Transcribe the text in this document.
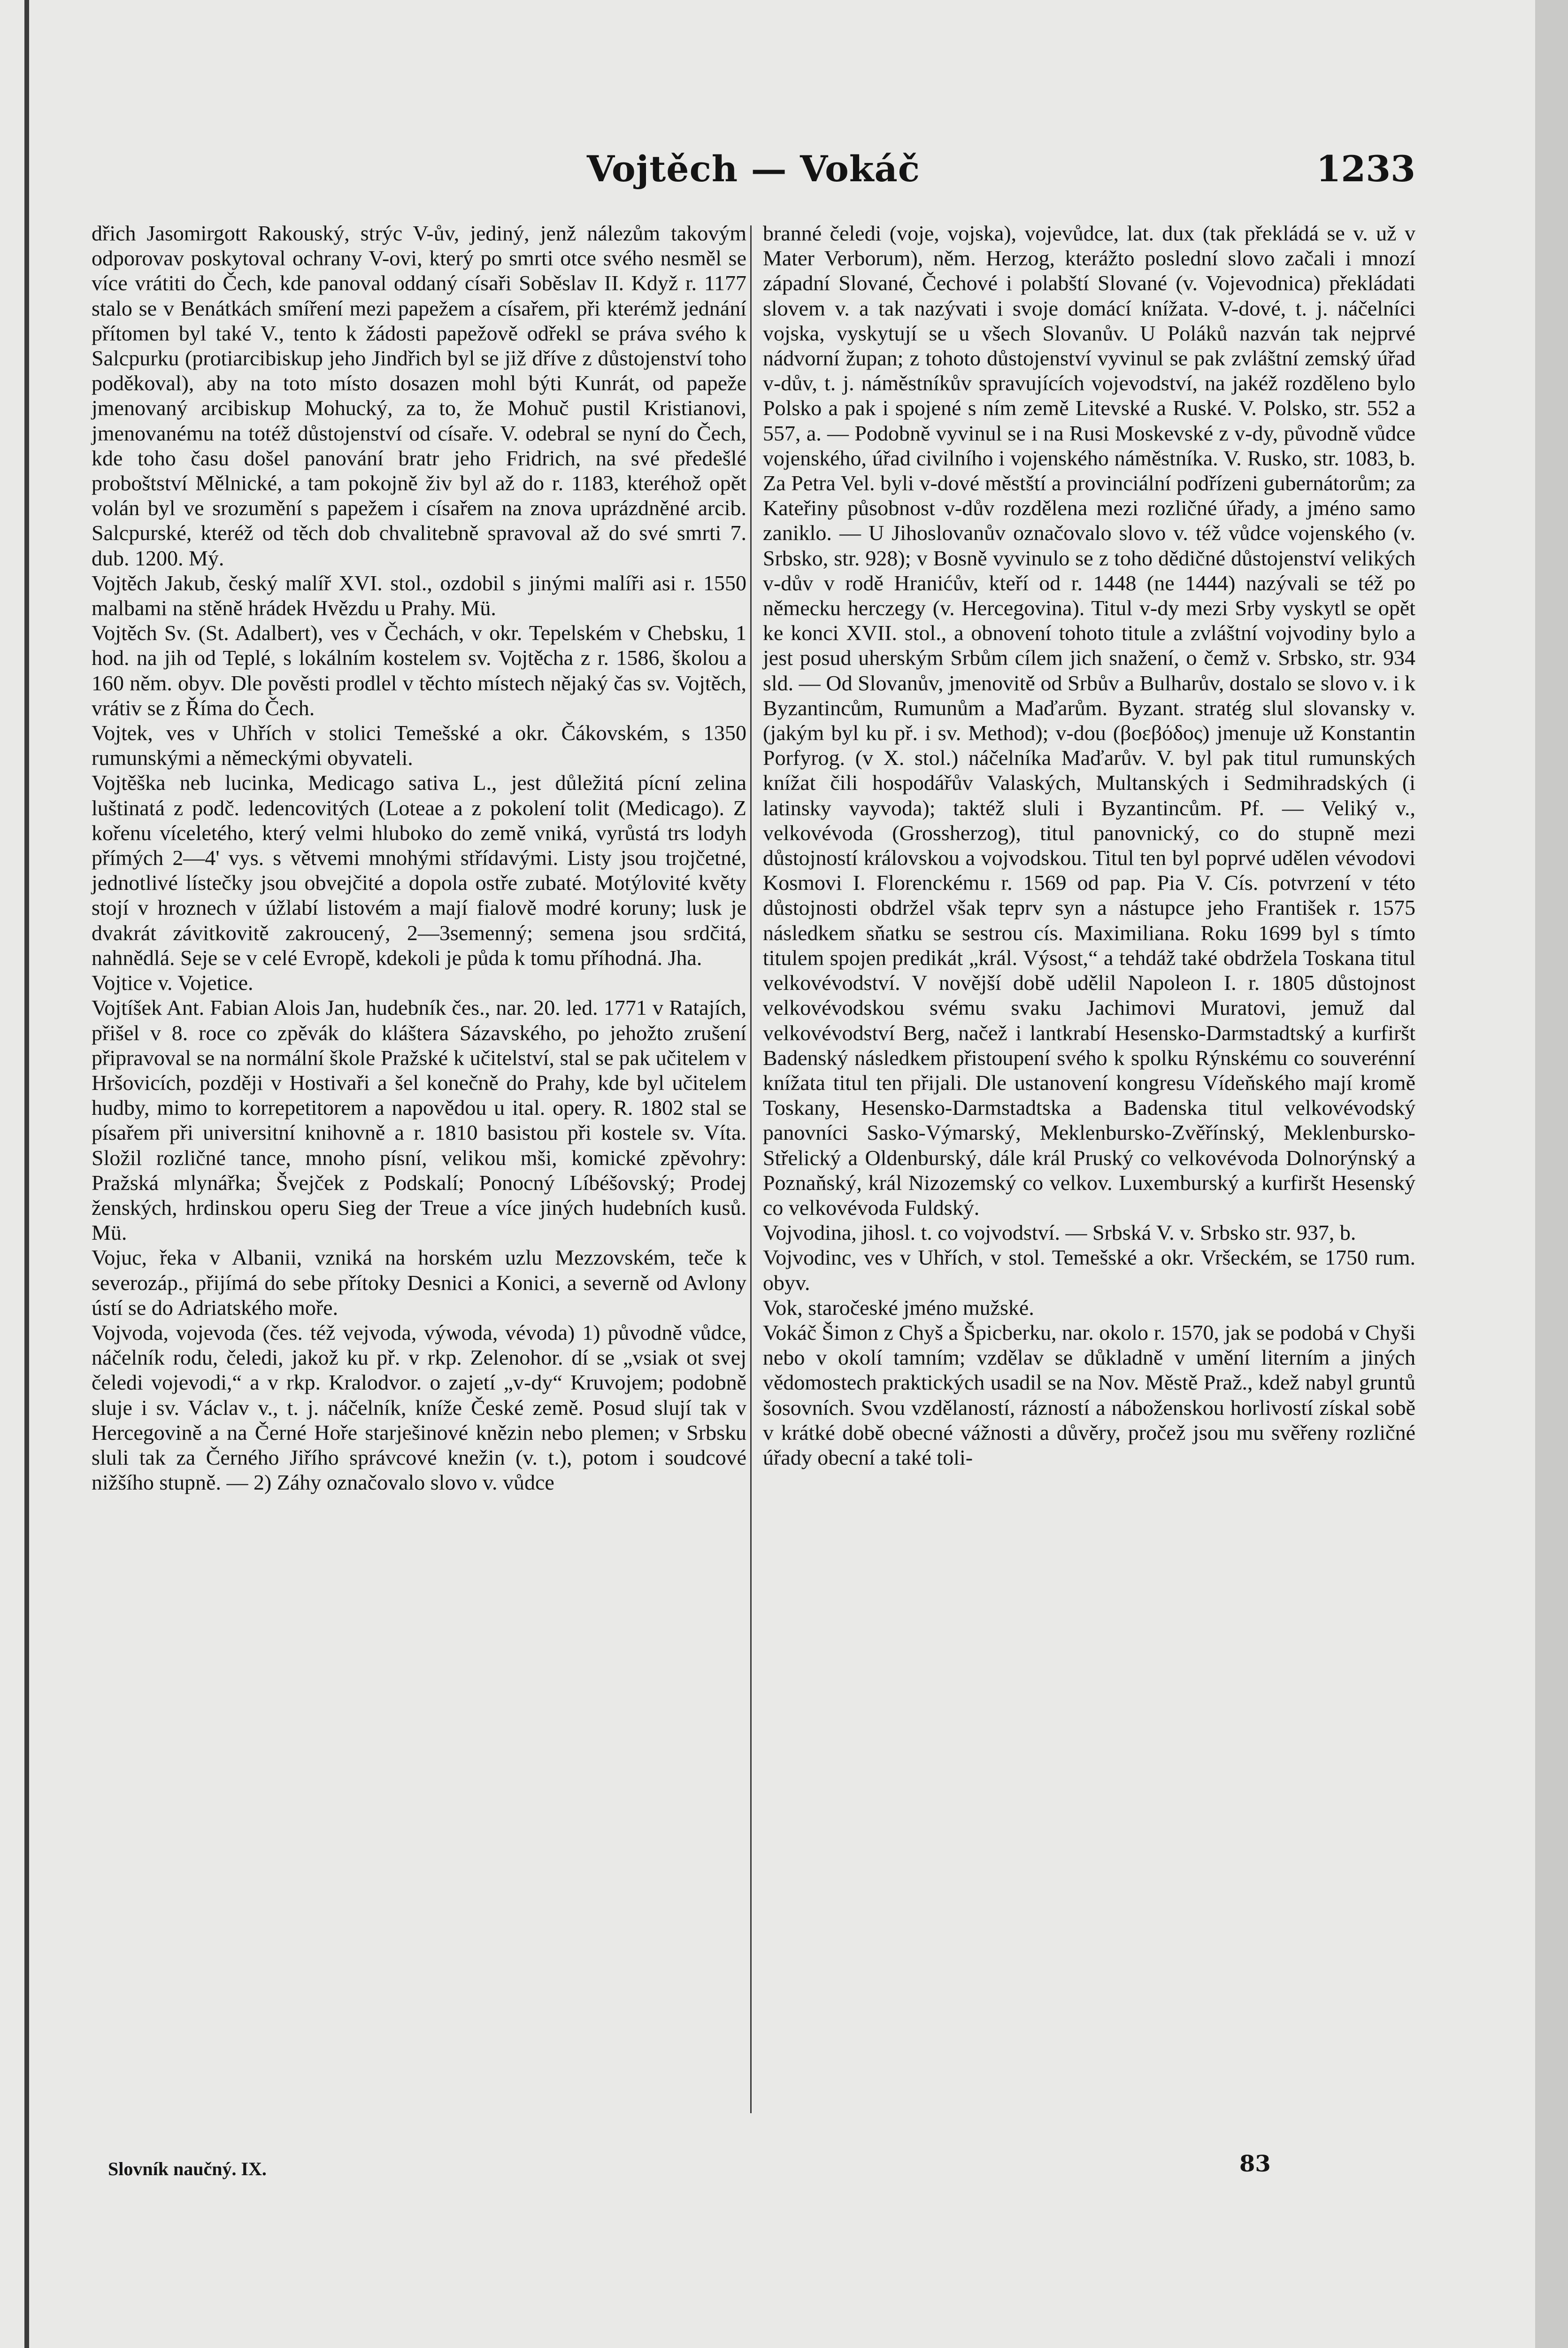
Vojtěch — Vokáč	1233

dřich Jasomirgott Rakouský, strýc V-ův, jediný, jenž nálezům takovým odporovav poskytoval ochrany V-ovi, který po smrti otce svého nesměl se více vrátiti do Čech, kde panoval oddaný císaři Soběslav II. Když r. 1177 stalo se v Benátkách smíření mezi papežem a císařem, při kterémž jednání přítomen byl také V., tento k žádosti papežově odřekl se práva svého k Salcpurku (protiarcibiskup jeho Jindřich byl se již dříve z důstojenství toho poděkoval), aby na toto místo dosazen mohl býti Kunrát, od papeže jmenovaný arcibiskup Mohucký, za to, že Mohuč pustil Kristianovi, jmenovanému na totéž důstojenství od císaře. V. odebral se nyní do Čech, kde toho času došel panování bratr jeho Fridrich, na své předešlé proboštství Mělnické, a tam pokojně živ byl až do r. 1183, kteréhož opět volán byl ve srozumění s papežem i císařem na znova uprázdněné arcib. Salcpurské, kteréž od těch dob chvalitebně spravoval až do své smrti 7. dub. 1200. Mý.

Vojtěch Jakub, český malíř XVI. stol., ozdobil s jinými malíři asi r. 1550 malbami na stěně hrádek Hvězdu u Prahy. Mü.

Vojtěch Sv. (St. Adalbert), ves v Čechách, v okr. Tepelském v Chebsku, 1 hod. na jih od Teplé, s lokálním kostelem sv. Vojtěcha z r. 1586, školou a 160 něm. obyv. Dle pověsti prodlel v těchto místech nějaký čas sv. Vojtěch, vrátiv se z Říma do Čech.

Vojtek, ves v Uhřích v stolici Temešské a okr. Čákovském, s 1350 rumunskými a německými obyvateli.

Vojtěška neb lucinka, Medicago sativa L., jest důležitá pícní zelina luštinatá z podč. ledencovitých (Loteae a z pokolení tolit (Medicago). Z kořenu víceletého, který velmi hluboko do země vniká, vyrůstá trs lodyh přímých 2—4' vys. s větvemi mnohými střídavými. Listy jsou trojčetné, jednotlivé lístečky jsou obvejčité a dopola ostře zubaté. Motýlovité květy stojí v hroznech v úžlabí listovém a mají fialově modré koruny; lusk je dvakrát závitkovitě zakroucený, 2—3semenný; semena jsou srdčitá, nahnědlá. Seje se v celé Evropě, kdekoli je půda k tomu příhodná. Jha.

Vojtice v. Vojetice.

Vojtíšek Ant. Fabian Alois Jan, hudebník čes., nar. 20. led. 1771 v Ratajích, přišel v 8. roce co zpěvák do kláštera Sázavského, po jehožto zrušení připravoval se na normální škole Pražské k učitelství, stal se pak učitelem v Hršovicích, později v Hostivaři a šel konečně do Prahy, kde byl učitelem hudby, mimo to korrepetitorem a napovědou u ital. opery. R. 1802 stal se písařem při universitní knihovně a r. 1810 basistou při kostele sv. Víta. Složil rozličné tance, mnoho písní, velikou mši, komické zpěvohry: Pražská mlynářka; Švejček z Podskalí; Ponocný Líbéšovský; Prodej ženských, hrdinskou operu Sieg der Treue a více jiných hudebních kusů. Mü.

Vojuc, řeka v Albanii, vzniká na horském uzlu Mezzovském, teče k severozáp., přijímá do sebe přítoky Desnici a Konici, a severně od Avlony ústí se do Adriatského moře.

Vojvoda, vojevoda (čes. též vejvoda, výwoda, vévoda) 1) původně vůdce, náčelník rodu, čeledi, jakož ku př. v rkp. Zelenohor. dí se „vsiak ot svej čeledi vojevodi,“ a v rkp. Kralodvor. o zajetí „v-dy“ Kruvojem; podobně sluje i sv. Václav v., t. j. náčelník, kníže České země. Posud slují tak v Hercegovině a na Černé Hoře starješinové knězin nebo plemen; v Srbsku sluli tak za Černého Jiřího správcové knežin (v. t.), potom i soudcové nižšího stupně. — 2) Záhy označovalo slovo v. vůdce

branné čeledi (voje, vojska), vojevůdce, lat. dux (tak překládá se v. už v Mater Verborum), něm. Herzog, kterážto poslední slovo začali i mnozí západní Slované, Čechové i polabští Slované (v. Vojevodnica) překládati slovem v. a tak nazývati i svoje domácí knížata. V-dové, t. j. náčelníci vojska, vyskytují se u všech Slovanův. U Poláků nazván tak nejprvé nádvorní župan; z tohoto důstojenství vyvinul se pak zvláštní zemský úřad v-dův, t. j. náměstníkův spravujících vojevodství, na jakéž rozděleno bylo Polsko a pak i spojené s ním země Litevské a Ruské. V. Polsko, str. 552 a 557, a. — Podobně vyvinul se i na Rusi Moskevské z v-dy, původně vůdce vojenského, úřad civilního i vojenského náměstníka. V. Rusko, str. 1083, b. Za Petra Vel. byli v-dové městští a provinciální podřízeni gubernátorům; za Kateřiny působnost v-dův rozdělena mezi rozličné úřady, a jméno samo zaniklo. — U Jihoslovanův označovalo slovo v. též vůdce vojenského (v. Srbsko, str. 928); v Bosně vyvinulo se z toho dědičné důstojenství velikých v-dův v rodě Hranićův, kteří od r. 1448 (ne 1444) nazývali se též po německu herczegy (v. Hercegovina). Titul v-dy mezi Srby vyskytl se opět ke konci XVII. stol., a obnovení tohoto titule a zvláštní vojvodiny bylo a jest posud uherským Srbům cílem jich snažení, o čemž v. Srbsko, str. 934 sld. — Od Slovanův, jmenovitě od Srbův a Bulharův, dostalo se slovo v. i k Byzantincům, Rumunům a Maďarům. Byzant. stratég slul slovansky v. (jakým byl ku př. i sv. Method); v-dou (βοεβόδος) jmenuje už Konstantin Porfyrog. (v X. stol.) náčelníka Maďarův. V. byl pak titul rumunských knížat čili hospodářův Valaských, Multanských i Sedmihradských (i latinsky vayvoda); taktéž sluli i Byzantincům. Pf. — Veliký v., velkovévoda (Grossherzog), titul panovnický, co do stupně mezi důstojností královskou a vojvodskou. Titul ten byl poprvé udělen vévodovi Kosmovi I. Florenckému r. 1569 od pap. Pia V. Cís. potvrzení v této důstojnosti obdržel však teprv syn a nástupce jeho František r. 1575 následkem sňatku se sestrou cís. Maximiliana. Roku 1699 byl s tímto titulem spojen predikát „král. Výsost,“ a tehdáž také obdržela Toskana titul velkovévodství. V novější době udělil Napoleon I. r. 1805 důstojnost velkovévodskou svému svaku Jachimovi Muratovi, jemuž dal velkovévodství Berg, načež i lantkrabí Hesensko-Darmstadtský a kurfiršt Badenský následkem přistoupení svého k spolku Rýnskému co souverénní knížata titul ten přijali. Dle ustanovení kongresu Vídeňského mají kromě Toskany, Hesensko-Darmstadtska a Badenska titul velkovévodský panovníci Sasko-Výmarský, Meklenbursko-Zvěřínský, Meklenbursko-Střelický a Oldenburský, dále král Pruský co velkovévoda Dolnorýnský a Poznaňský, král Nizozemský co velkov. Luxemburský a kurfiršt Hesenský co velkovévoda Fuldský.

Vojvodina, jihosl. t. co vojvodství. — Srbská V. v. Srbsko str. 937, b.

Vojvodinc, ves v Uhřích, v stol. Temešské a okr. Vršeckém, se 1750 rum. obyv.

Vok, staročeské jméno mužské.

Vokáč Šimon z Chyš a Špicberku, nar. okolo r. 1570, jak se podobá v Chyši nebo v okolí tamním; vzdělav se důkladně v umění literním a jiných vědomostech praktických usadil se na Nov. Městě Praž., kdež nabyl gruntů šosovních. Svou vzdělaností, rázností a náboženskou horlivostí získal sobě v krátké době obecné vážnosti a důvěry, pročež jsou mu svěřeny rozličné úřady obecní a také toli-

Slovník naučný. IX.	83
